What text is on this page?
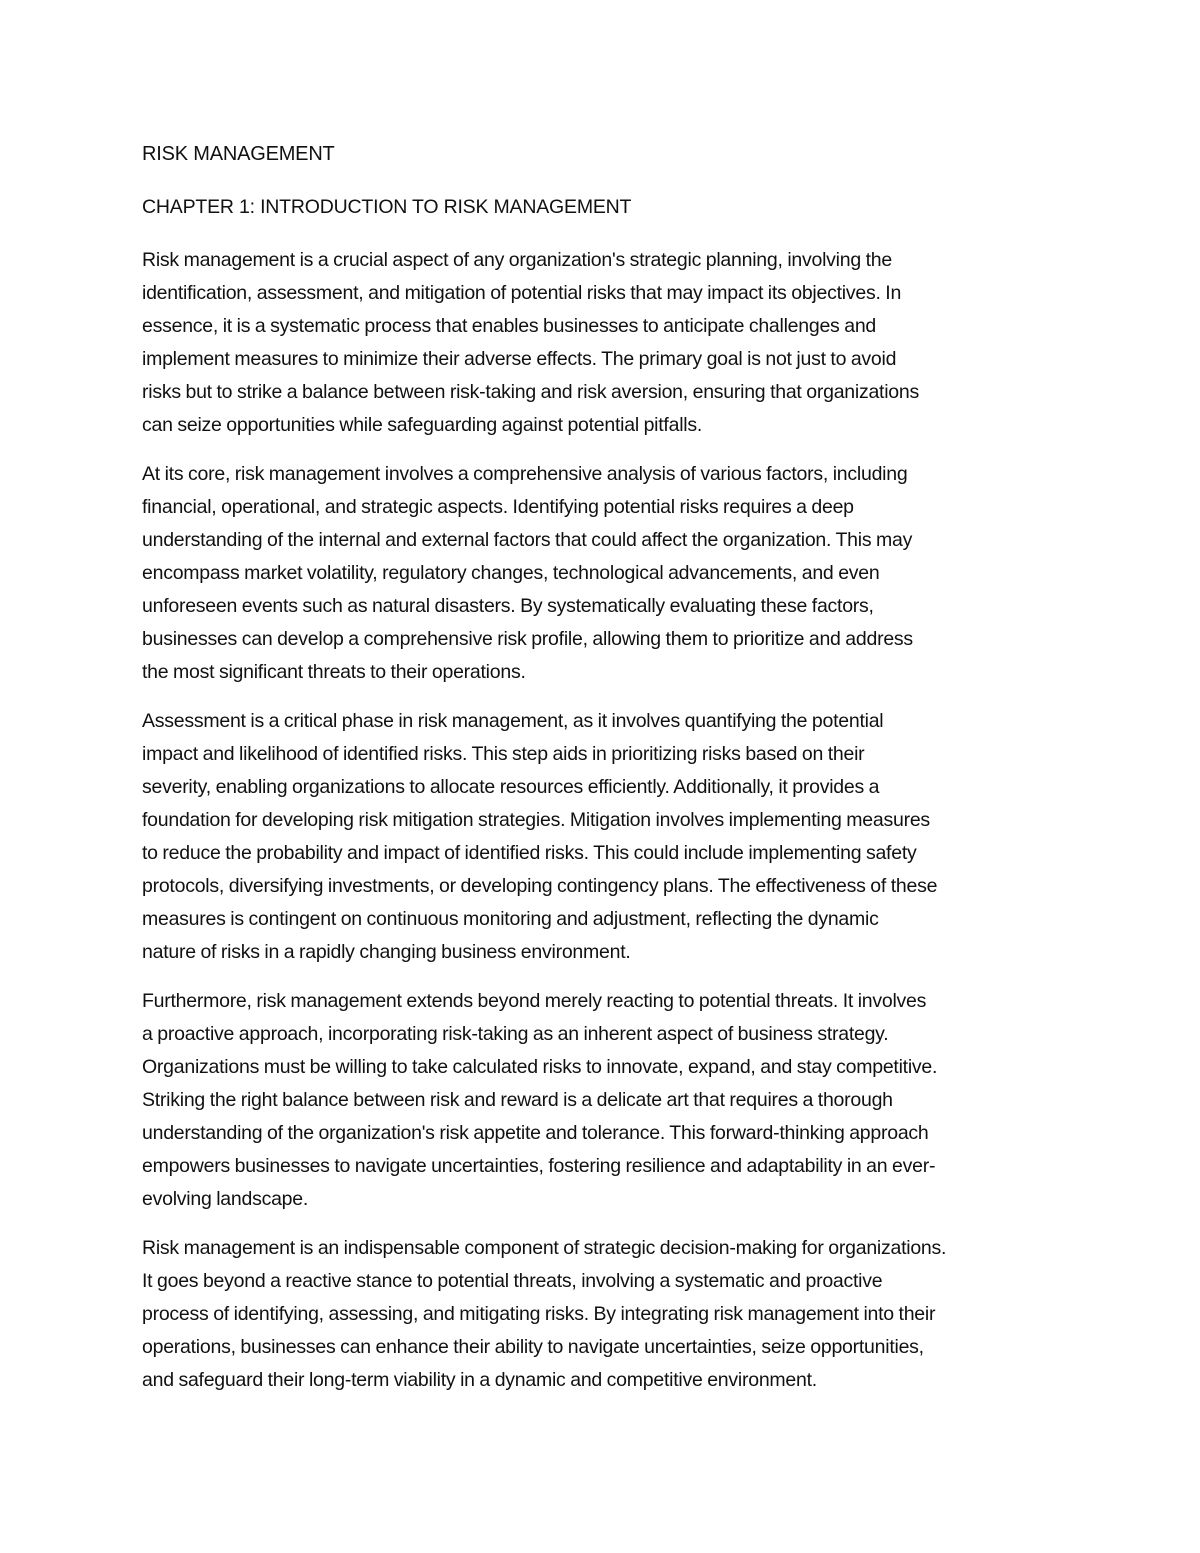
RISK MANAGEMENT
CHAPTER 1: INTRODUCTION TO RISK MANAGEMENT

Risk management is a crucial aspect of any organization's strategic planning, involving the
identification, assessment, and mitigation of potential risks that may impact its objectives. In
essence, it is a systematic process that enables businesses to anticipate challenges and
implement measures to minimize their adverse effects. The primary goal is not just to avoid
risks but to strike a balance between risk-taking and risk aversion, ensuring that organizations
can seize opportunities while safeguarding against potential pitfalls.

At its core, risk management involves a comprehensive analysis of various factors, including
financial, operational, and strategic aspects. Identifying potential risks requires a deep
understanding of the internal and external factors that could affect the organization. This may
encompass market volatility, regulatory changes, technological advancements, and even
unforeseen events such as natural disasters. By systematically evaluating these factors,
businesses can develop a comprehensive risk profile, allowing them to prioritize and address
the most significant threats to their operations.

Assessment is a critical phase in risk management, as it involves quantifying the potential
impact and likelihood of identified risks. This step aids in prioritizing risks based on their
severity, enabling organizations to allocate resources efficiently. Additionally, it provides a
foundation for developing risk mitigation strategies. Mitigation involves implementing measures
to reduce the probability and impact of identified risks. This could include implementing safety
protocols, diversifying investments, or developing contingency plans. The effectiveness of these
measures is contingent on continuous monitoring and adjustment, reflecting the dynamic
nature of risks in a rapidly changing business environment.

Furthermore, risk management extends beyond merely reacting to potential threats. It involves
a proactive approach, incorporating risk-taking as an inherent aspect of business strategy.
Organizations must be willing to take calculated risks to innovate, expand, and stay competitive.
Striking the right balance between risk and reward is a delicate art that requires a thorough
understanding of the organization's risk appetite and tolerance. This forward-thinking approach
empowers businesses to navigate uncertainties, fostering resilience and adaptability in an ever-
evolving landscape.

Risk management is an indispensable component of strategic decision-making for organizations.
It goes beyond a reactive stance to potential threats, involving a systematic and proactive
process of identifying, assessing, and mitigating risks. By integrating risk management into their
operations, businesses can enhance their ability to navigate uncertainties, seize opportunities,
and safeguard their long-term viability in a dynamic and competitive environment.
